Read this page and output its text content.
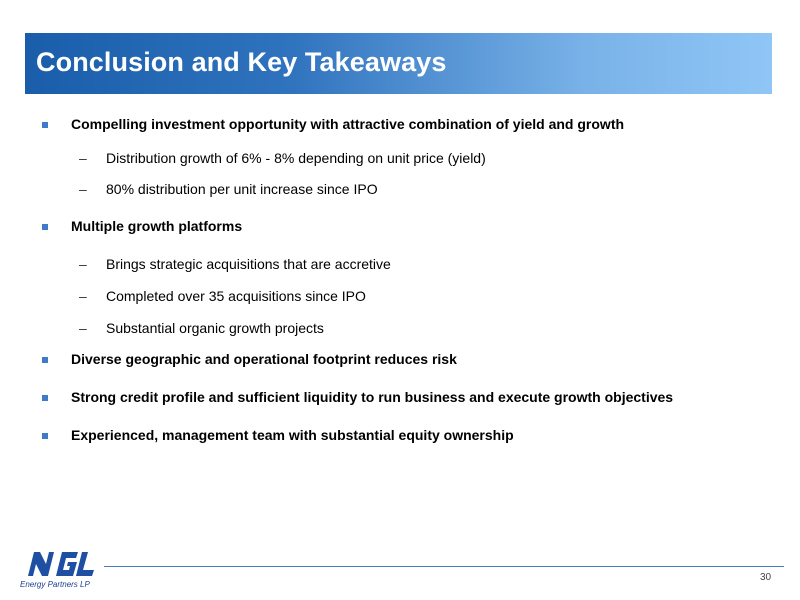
Conclusion and Key Takeaways
Compelling investment opportunity with attractive combination of yield and growth
– Distribution growth of 6% - 8% depending on unit price (yield)
– 80% distribution per unit increase since IPO
Multiple growth platforms
– Brings strategic acquisitions that are accretive
– Completed over 35 acquisitions since IPO
– Substantial organic growth projects
Diverse geographic and operational footprint reduces risk
Strong credit profile and sufficient liquidity to run business and execute growth objectives
Experienced, management team with substantial equity ownership
NGL
Energy Partners LP
30
